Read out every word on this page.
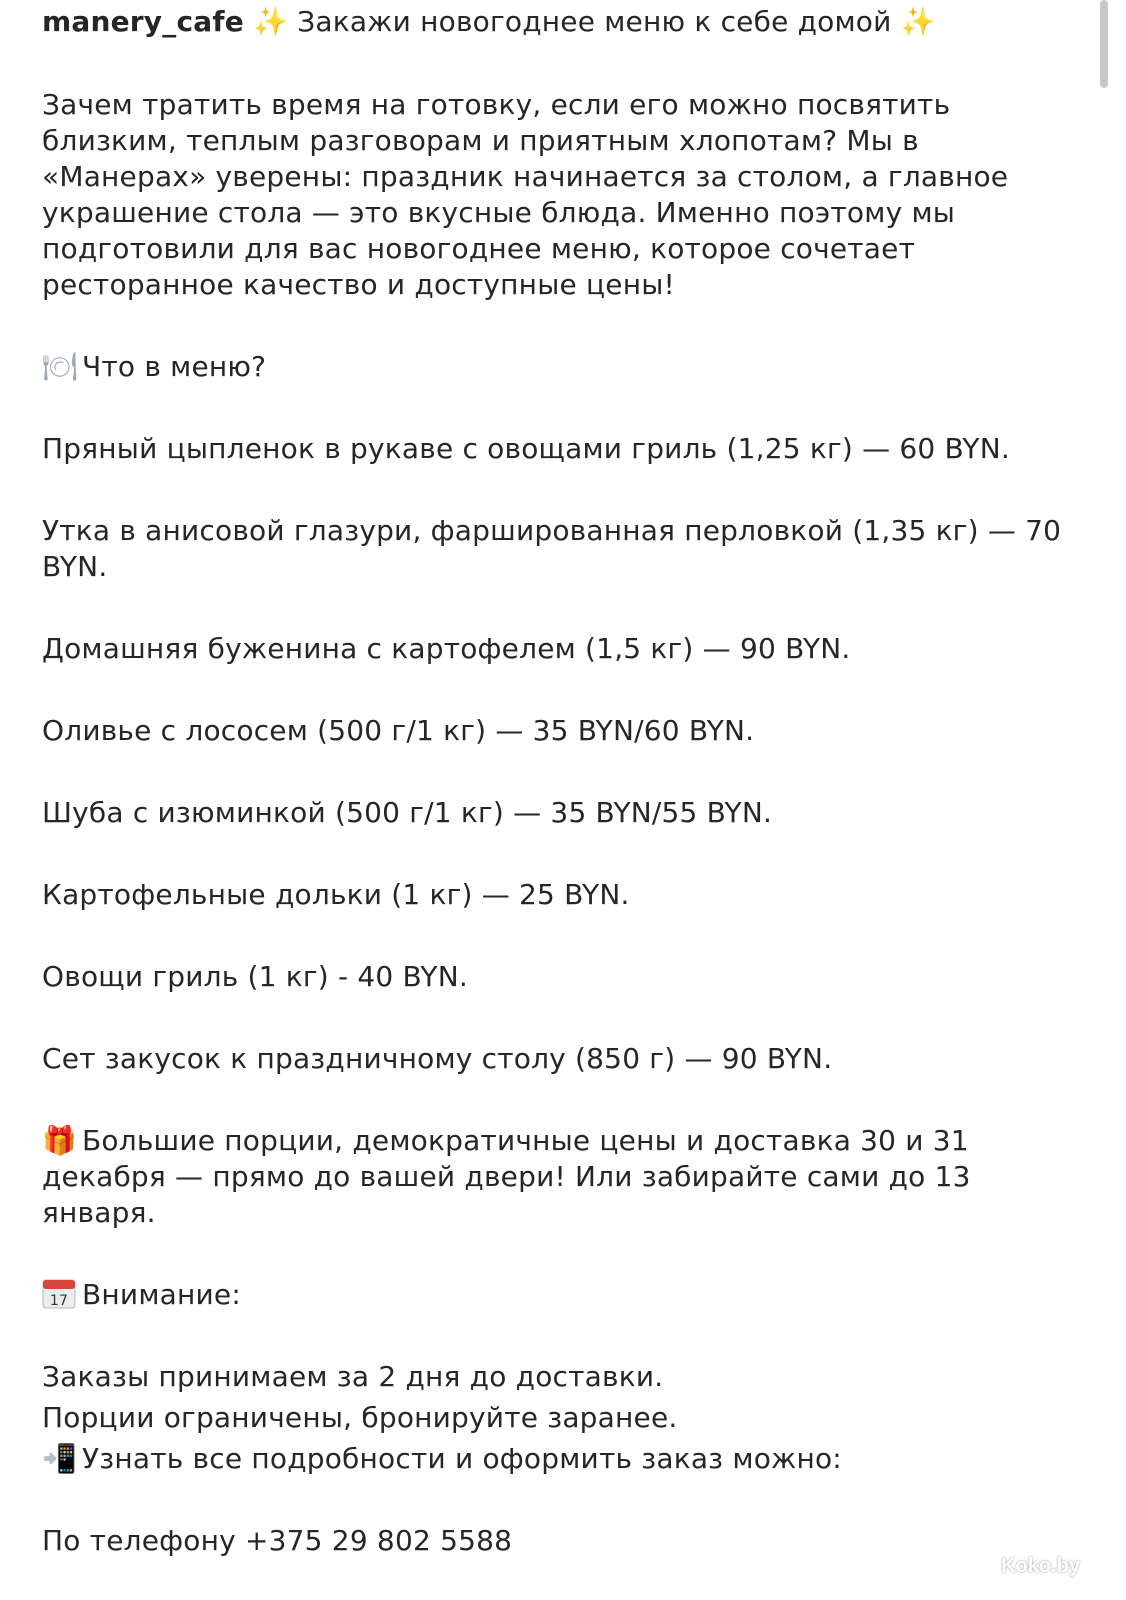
manery_cafe ✨ Закажи новогоднее меню к себе домой ✨
Зачем тратить время на готовку, если его можно посвятить
близким, теплым разговорам и приятным хлопотам? Мы в
«Манерах» уверены: праздник начинается за столом, а главное
украшение стола — это вкусные блюда. Именно поэтому мы
подготовили для вас новогоднее меню, которое сочетает
ресторанное качество и доступные цены!
🍽 Что в меню?
Пряный цыпленок в рукаве с овощами гриль (1,25 кг) — 60 BYN.
Утка в анисовой глазури, фаршированная перловкой (1,35 кг) — 70
BYN.
Домашняя буженина с картофелем (1,5 кг) — 90 BYN.
Оливье с лососем (500 г/1 кг) — 35 BYN/60 BYN.
Шуба с изюминкой (500 г/1 кг) — 35 BYN/55 BYN.
Картофельные дольки (1 кг) — 25 BYN.
Овощи гриль (1 кг) - 40 BYN.
Сет закусок к праздничному столу (850 г) — 90 BYN.
🎁 Большие порции, демократичные цены и доставка 30 и 31
декабря — прямо до вашей двери! Или забирайте сами до 13
января.
17 Внимание:
Заказы принимаем за 2 дня до доставки.
Порции ограничены, бронируйте заранее.
📲 Узнать все подробности и оформить заказ можно:
По телефону +375 29 802 5588
Koko.by
